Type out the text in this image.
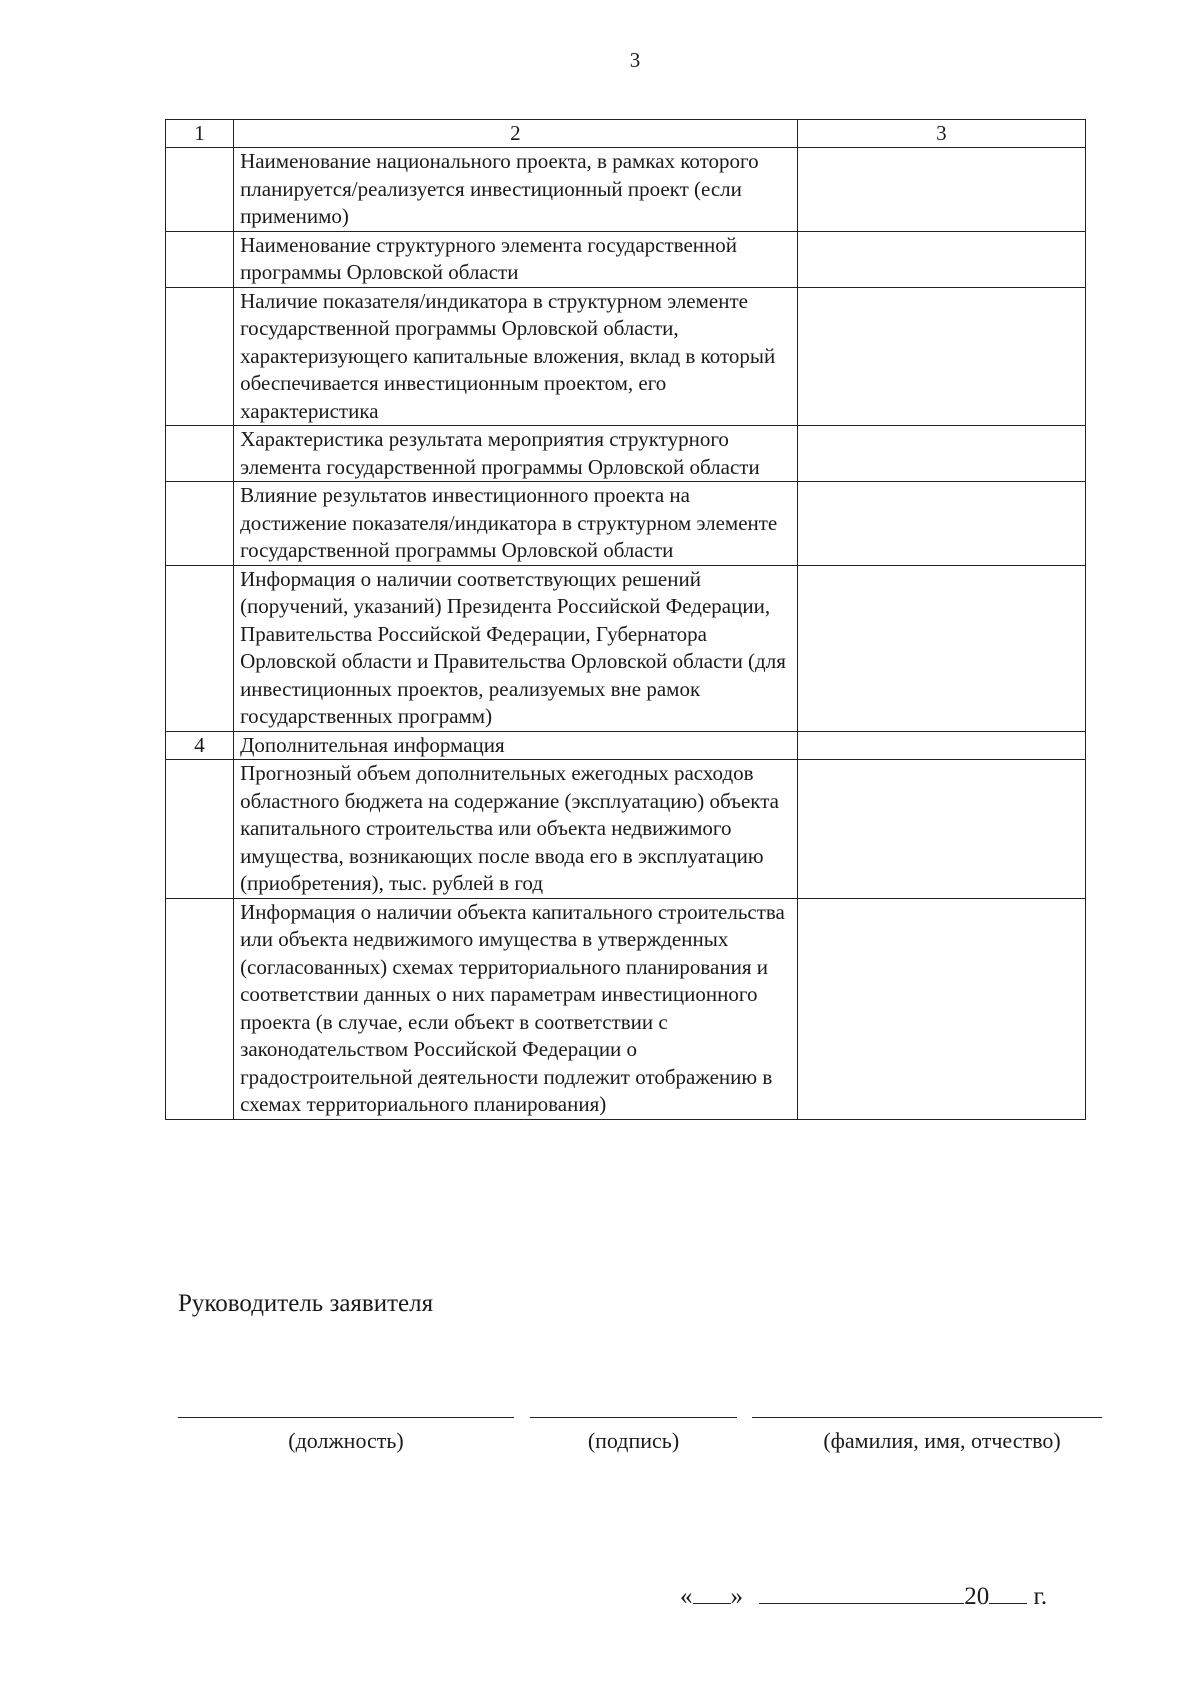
3
1	2	3
	Наименование национального проекта, в рамках которого планируется/реализуется инвестиционный проект (если применимо)	
	Наименование структурного элемента государственной программы Орловской области	
	Наличие показателя/индикатора в структурном элементе государственной программы Орловской области, характеризующего капитальные вложения, вклад в который обеспечивается инвестиционным проектом, его характеристика	
	Характеристика результата мероприятия структурного элемента государственной программы Орловской области	
	Влияние результатов инвестиционного проекта на достижение показателя/индикатора в структурном элементе государственной программы Орловской области	
	Информация о наличии соответствующих решений (поручений, указаний) Президента Российской Федерации, Правительства Российской Федерации, Губернатора Орловской области и Правительства Орловской области (для инвестиционных проектов, реализуемых вне рамок государственных программ)	
4	Дополнительная информация	
	Прогнозный объем дополнительных ежегодных расходов областного бюджета на содержание (эксплуатацию) объекта капитального строительства или объекта недвижимого имущества, возникающих после ввода его в эксплуатацию (приобретения), тыс. рублей в год	
	Информация о наличии объекта капитального строительства или объекта недвижимого имущества в утвержденных (согласованных) схемах территориального планирования и соответствии данных о них параметрам инвестиционного проекта (в случае, если объект в соответствии с законодательством Российской Федерации о градостроительной деятельности подлежит отображению в схемах территориального планирования)	
Руководитель заявителя
(должность)	(подпись)	(фамилия, имя, отчество)
« »	20 г.
